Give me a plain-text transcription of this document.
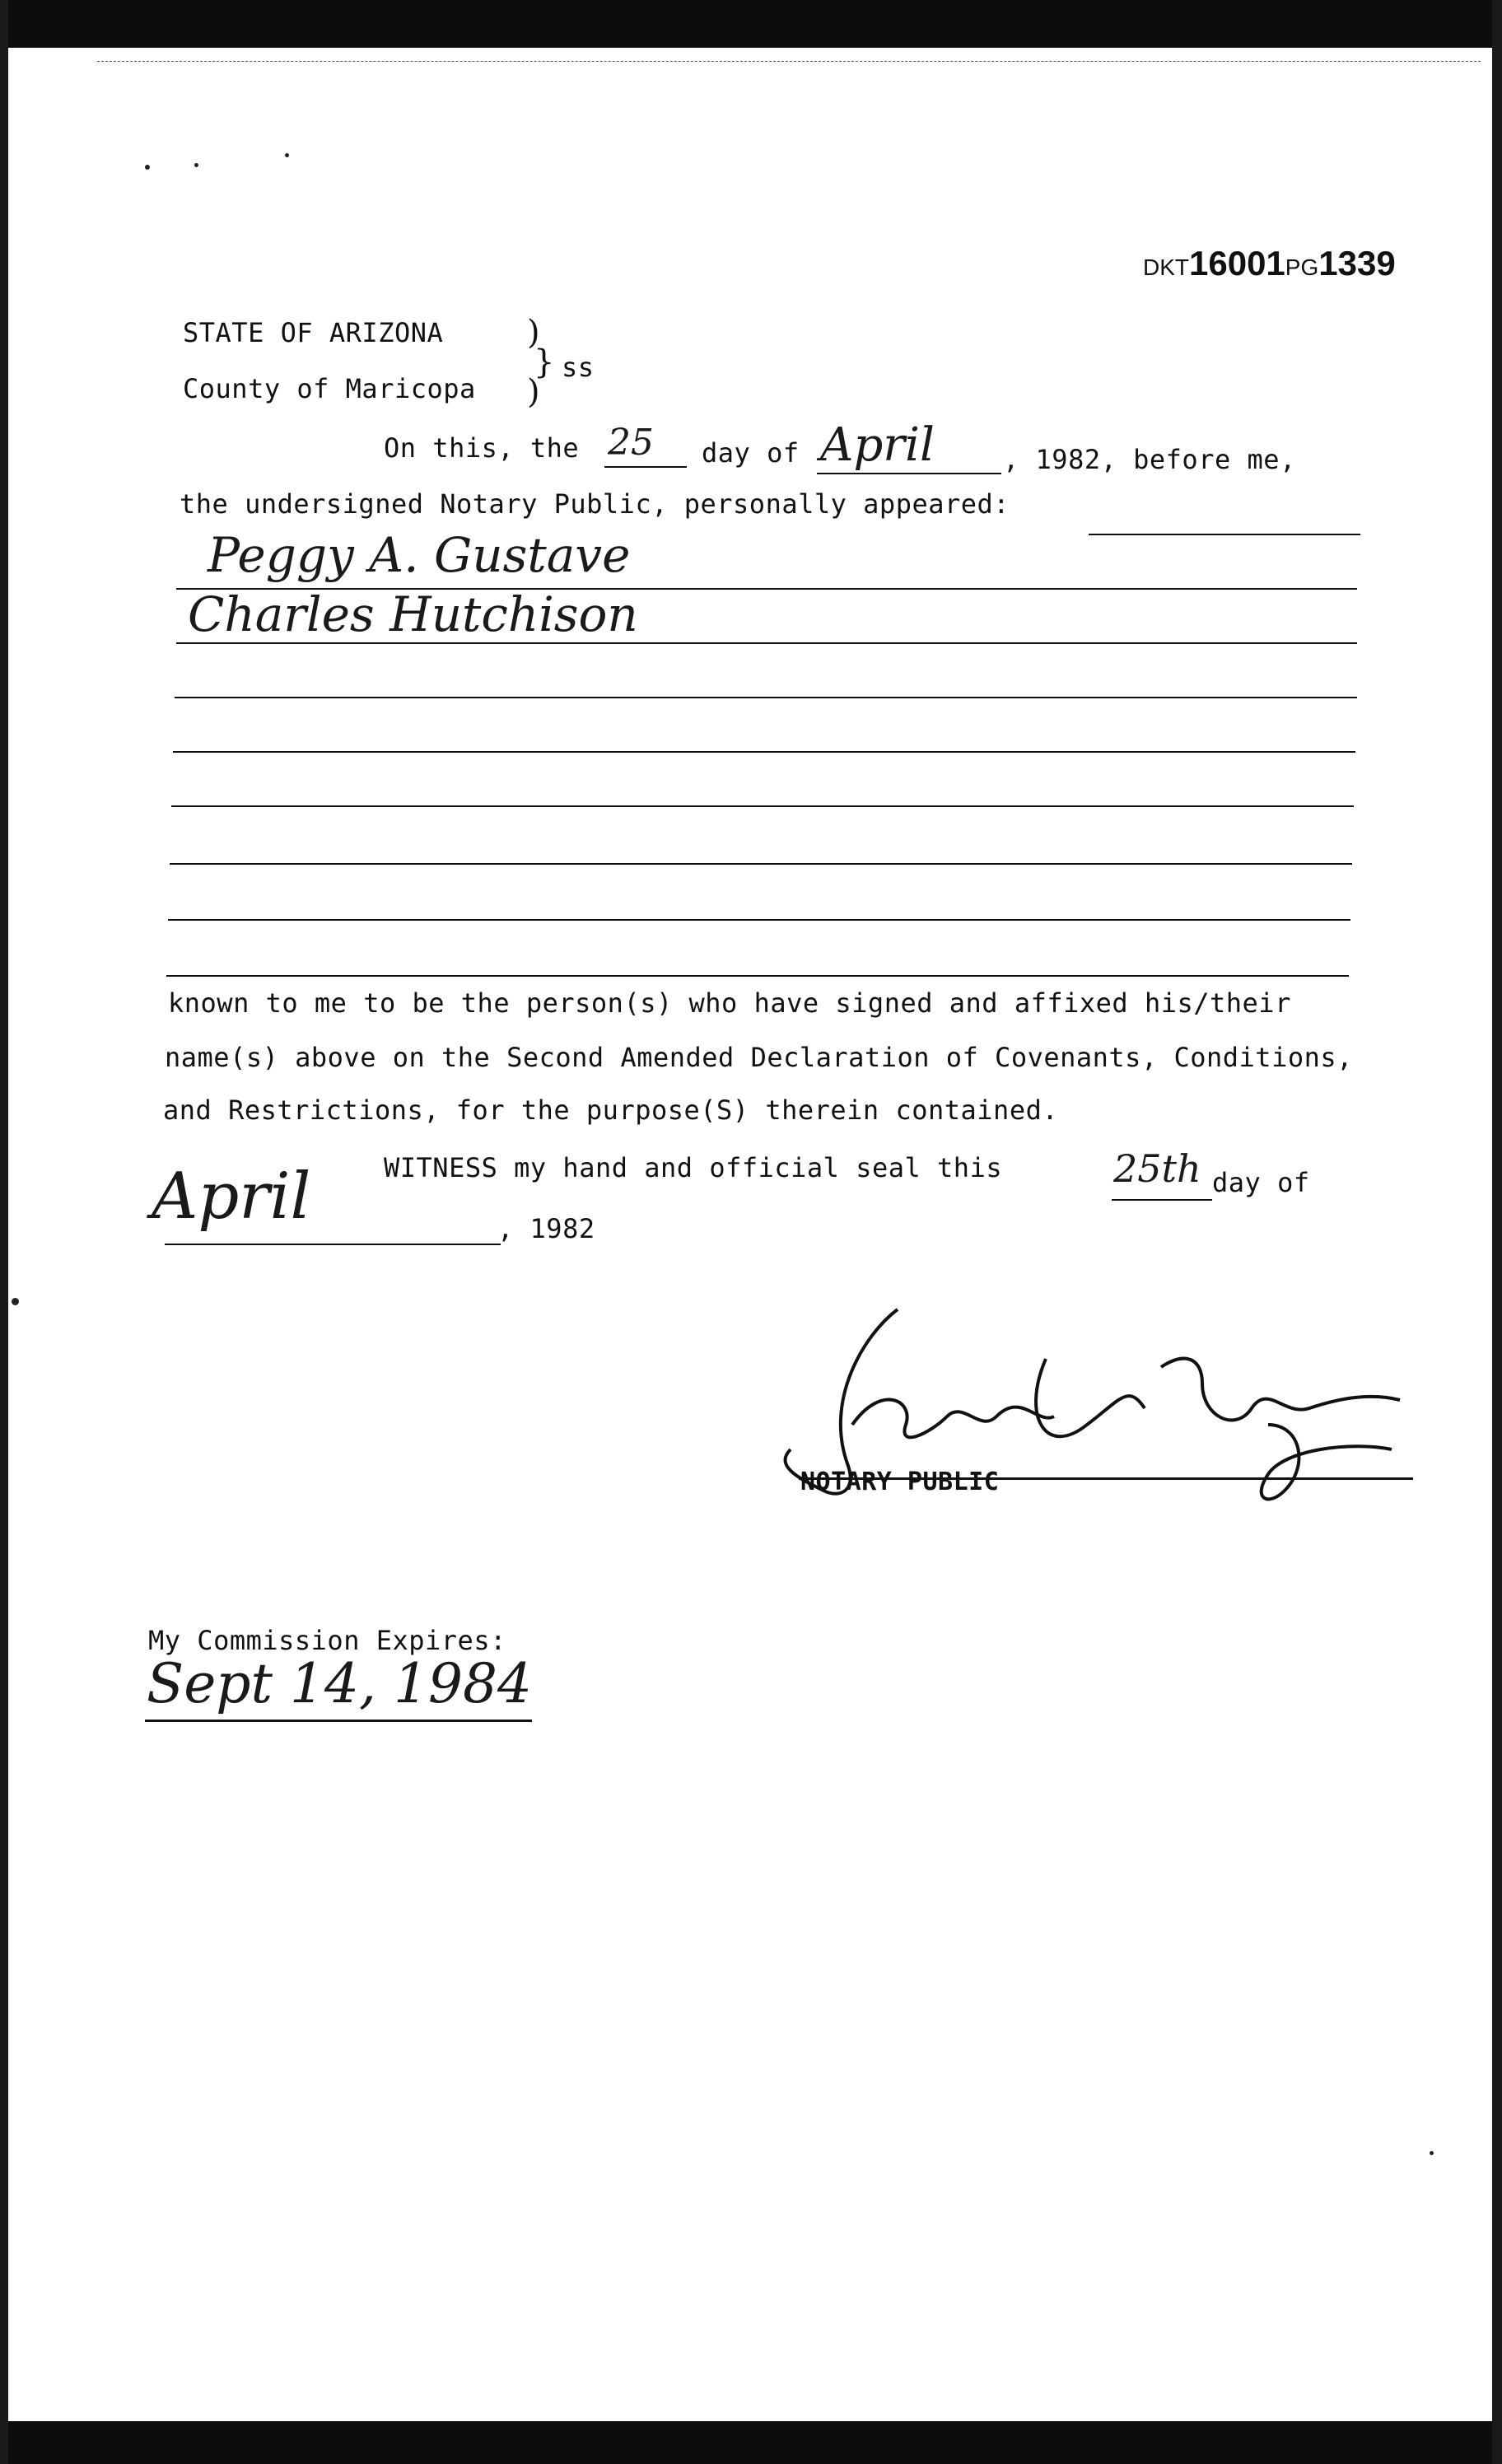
DKT16001PG1339
STATE OF ARIZONA
County of Maricopa
)
}
)
ss
On this, the 25 day of April	, 1982, before me,
the undersigned Notary Public, personally appeared:
Peggy A. Gustave
Charles Hutchison
known to me to be the person(s) who have signed and affixed his/their
name(s) above on the Second Amended Declaration of Covenants, Conditions,
and Restrictions, for the purpose(S) therein contained.
WITNESS my hand and official seal this	25th day of
April	, 1982
NOTARY PUBLIC
My Commission Expires:
Sept 14, 1984
